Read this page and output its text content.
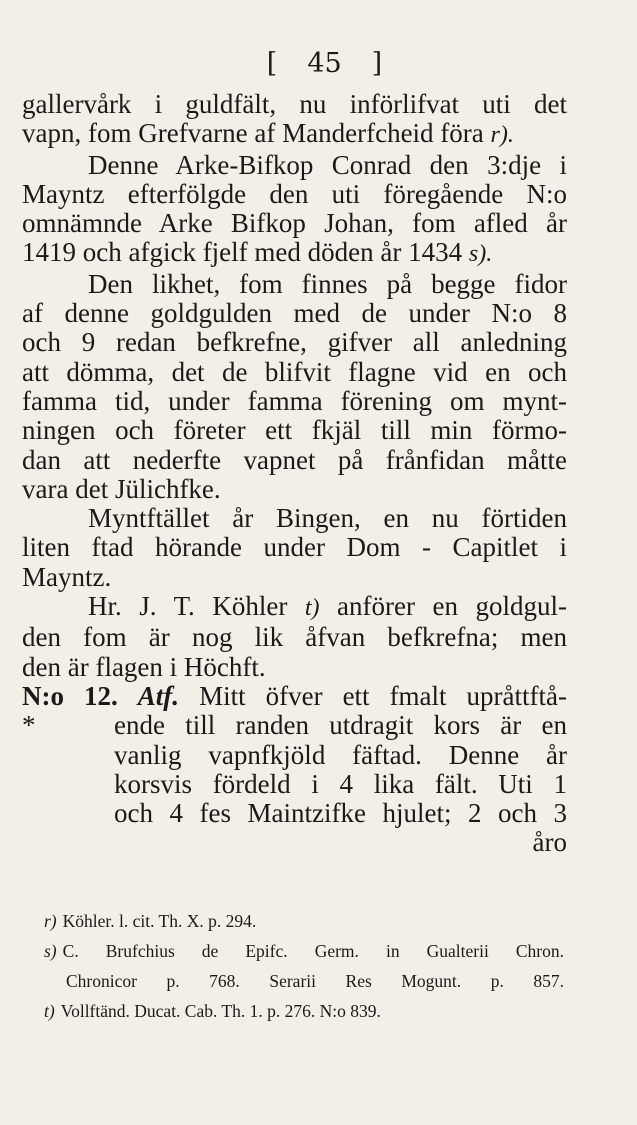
[ 45 ]
gallervårk i guldfält, nu införlifvat uti det
vapn, fom Grefvarne af Manderfcheid föra r).
Denne Arke-Bifkop Conrad den 3:dje i
Mayntz efterfölgde den uti föregående N:o
omnämnde Arke Bifkop Johan, fom afled år
1419 och afgick fjelf med döden år 1434 s).
Den likhet, fom finnes på begge fidor
af denne goldgulden med de under N:o 8
och 9 redan befkrefne, gifver all anledning
att dömma, det de blifvit flagne vid en och
famma tid, under famma förening om mynt-
ningen och företer ett fkjäl till min förmo-
dan att nederfte vapnet på frånfidan måtte
vara det Jülichfke.
Myntftället år Bingen, en nu förtiden
liten ftad hörande under Dom - Capitlet i
Mayntz.
Hr. J. T. Köhler t) anförer en goldgul-
den fom är nog lik åfvan befkrefna; men
den är flagen i Höchft.
N:o 12. Atf. Mitt öfver ett fmalt upråttftå-
*	ende till randen utdragit kors är en
vanlig vapnfkjöld fäftad. Denne år
korsvis fördeld i 4 lika fält. Uti 1
och 4 fes Maintzifke hjulet; 2 och 3
åro
r) Köhler. l. cit. Th. X. p. 294.
s) C. Brufchius de Epifc. Germ. in Gualterii Chron.
Chronicor p. 768. Serarii Res Mogunt. p. 857.
t) Vollftänd. Ducat. Cab. Th. 1. p. 276. N:o 839.
